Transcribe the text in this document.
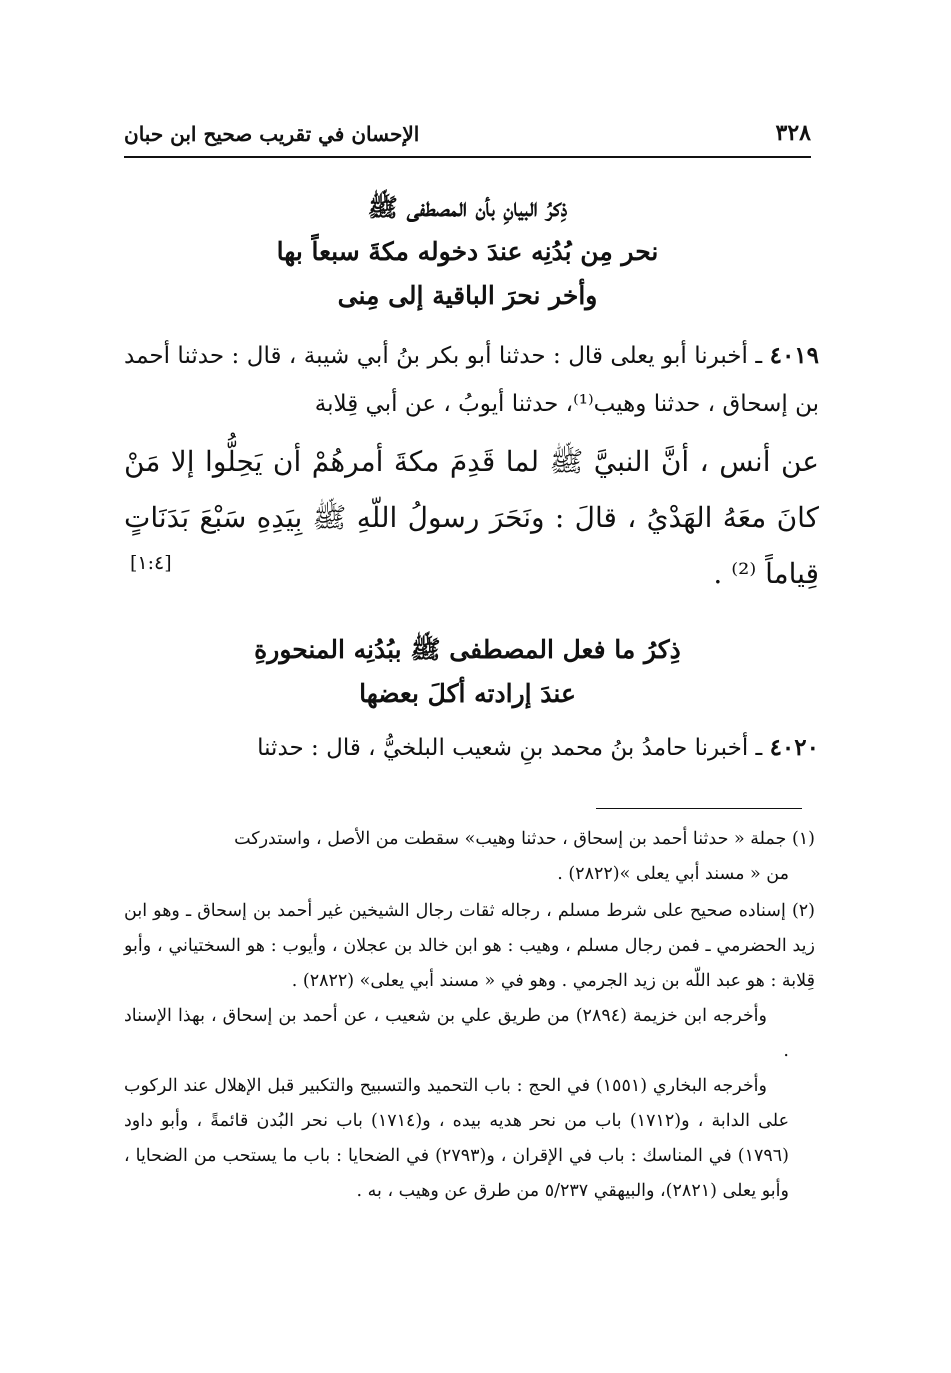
٣٢٨
الإحسان في تقريب صحيح ابن حبان
ذِكرُ البيانِ بأن المصطفى ﷺ
نحر مِن بُدُنِه عندَ دخوله مكةَ سبعاً بها
وأخر نحرَ الباقية إلى مِنى
٤٠١٩ ـ أخبرنا أبو يعلى قال : حدثنا أبو بكر بنُ أبي شيبة ، قال : حدثنا أحمد بن إسحاق ، حدثنا وهيب⁽¹⁾، حدثنا أيوبُ ، عن أبي قِلابة
عن أنس ، أنَّ النبيَّ ﷺ لما قَدِمَ مكةَ أمرهُمْ أن يَحِلُّوا إلا مَنْ كانَ معَهُ الهَدْيُ ، قالَ : ونَحَرَ رسولُ اللّهِ ﷺ بِيَدِهِ سَبْعَ بَدَنَاتٍ قِياماً ⁽²⁾ .
[١:٤]
ذِكرُ ما فعل المصطفى ﷺ ببُدُنِه المنحورةِ
عندَ إرادته أكلَ بعضها
٤٠٢٠ ـ أخبرنا حامدُ بنُ محمد بنِ شعيب البلخيُّ ، قال : حدثنا
(١) جملة « حدثنا أحمد بن إسحاق ، حدثنا وهيب» سقطت من الأصل ، واستدركت
من « مسند أبي يعلى »(٢٨٢٢) .
(٢) إسناده صحيح على شرط مسلم ، رجاله ثقات رجال الشيخين غير أحمد بن إسحاق ـ وهو ابن زيد الحضرمي ـ فمن رجال مسلم ، وهيب : هو ابن خالد بن عجلان ، وأيوب : هو السختياني ، وأبو قِلابة : هو عبد اللّه بن زيد الجرمي . وهو في « مسند أبي يعلى» (٢٨٢٢) .

وأخرجه ابن خزيمة (٢٨٩٤) من طريق علي بن شعيب ، عن أحمد بن إسحاق ، بهذا الإسناد .

وأخرجه البخاري (١٥٥١) في الحج : باب التحميد والتسبيح والتكبير قبل الإهلال عند الركوب على الدابة ، و(١٧١٢) باب من نحر هديه بيده ، و(١٧١٤) باب نحر البُدن قائمةً ، وأبو داود (١٧٩٦) في المناسك : باب في الإقران ، و(٢٧٩٣) في الضحايا : باب ما يستحب من الضحايا ، وأبو يعلى (٢٨٢١)، والبيهقي ٥/٢٣٧ من طرق عن وهيب ، به .
